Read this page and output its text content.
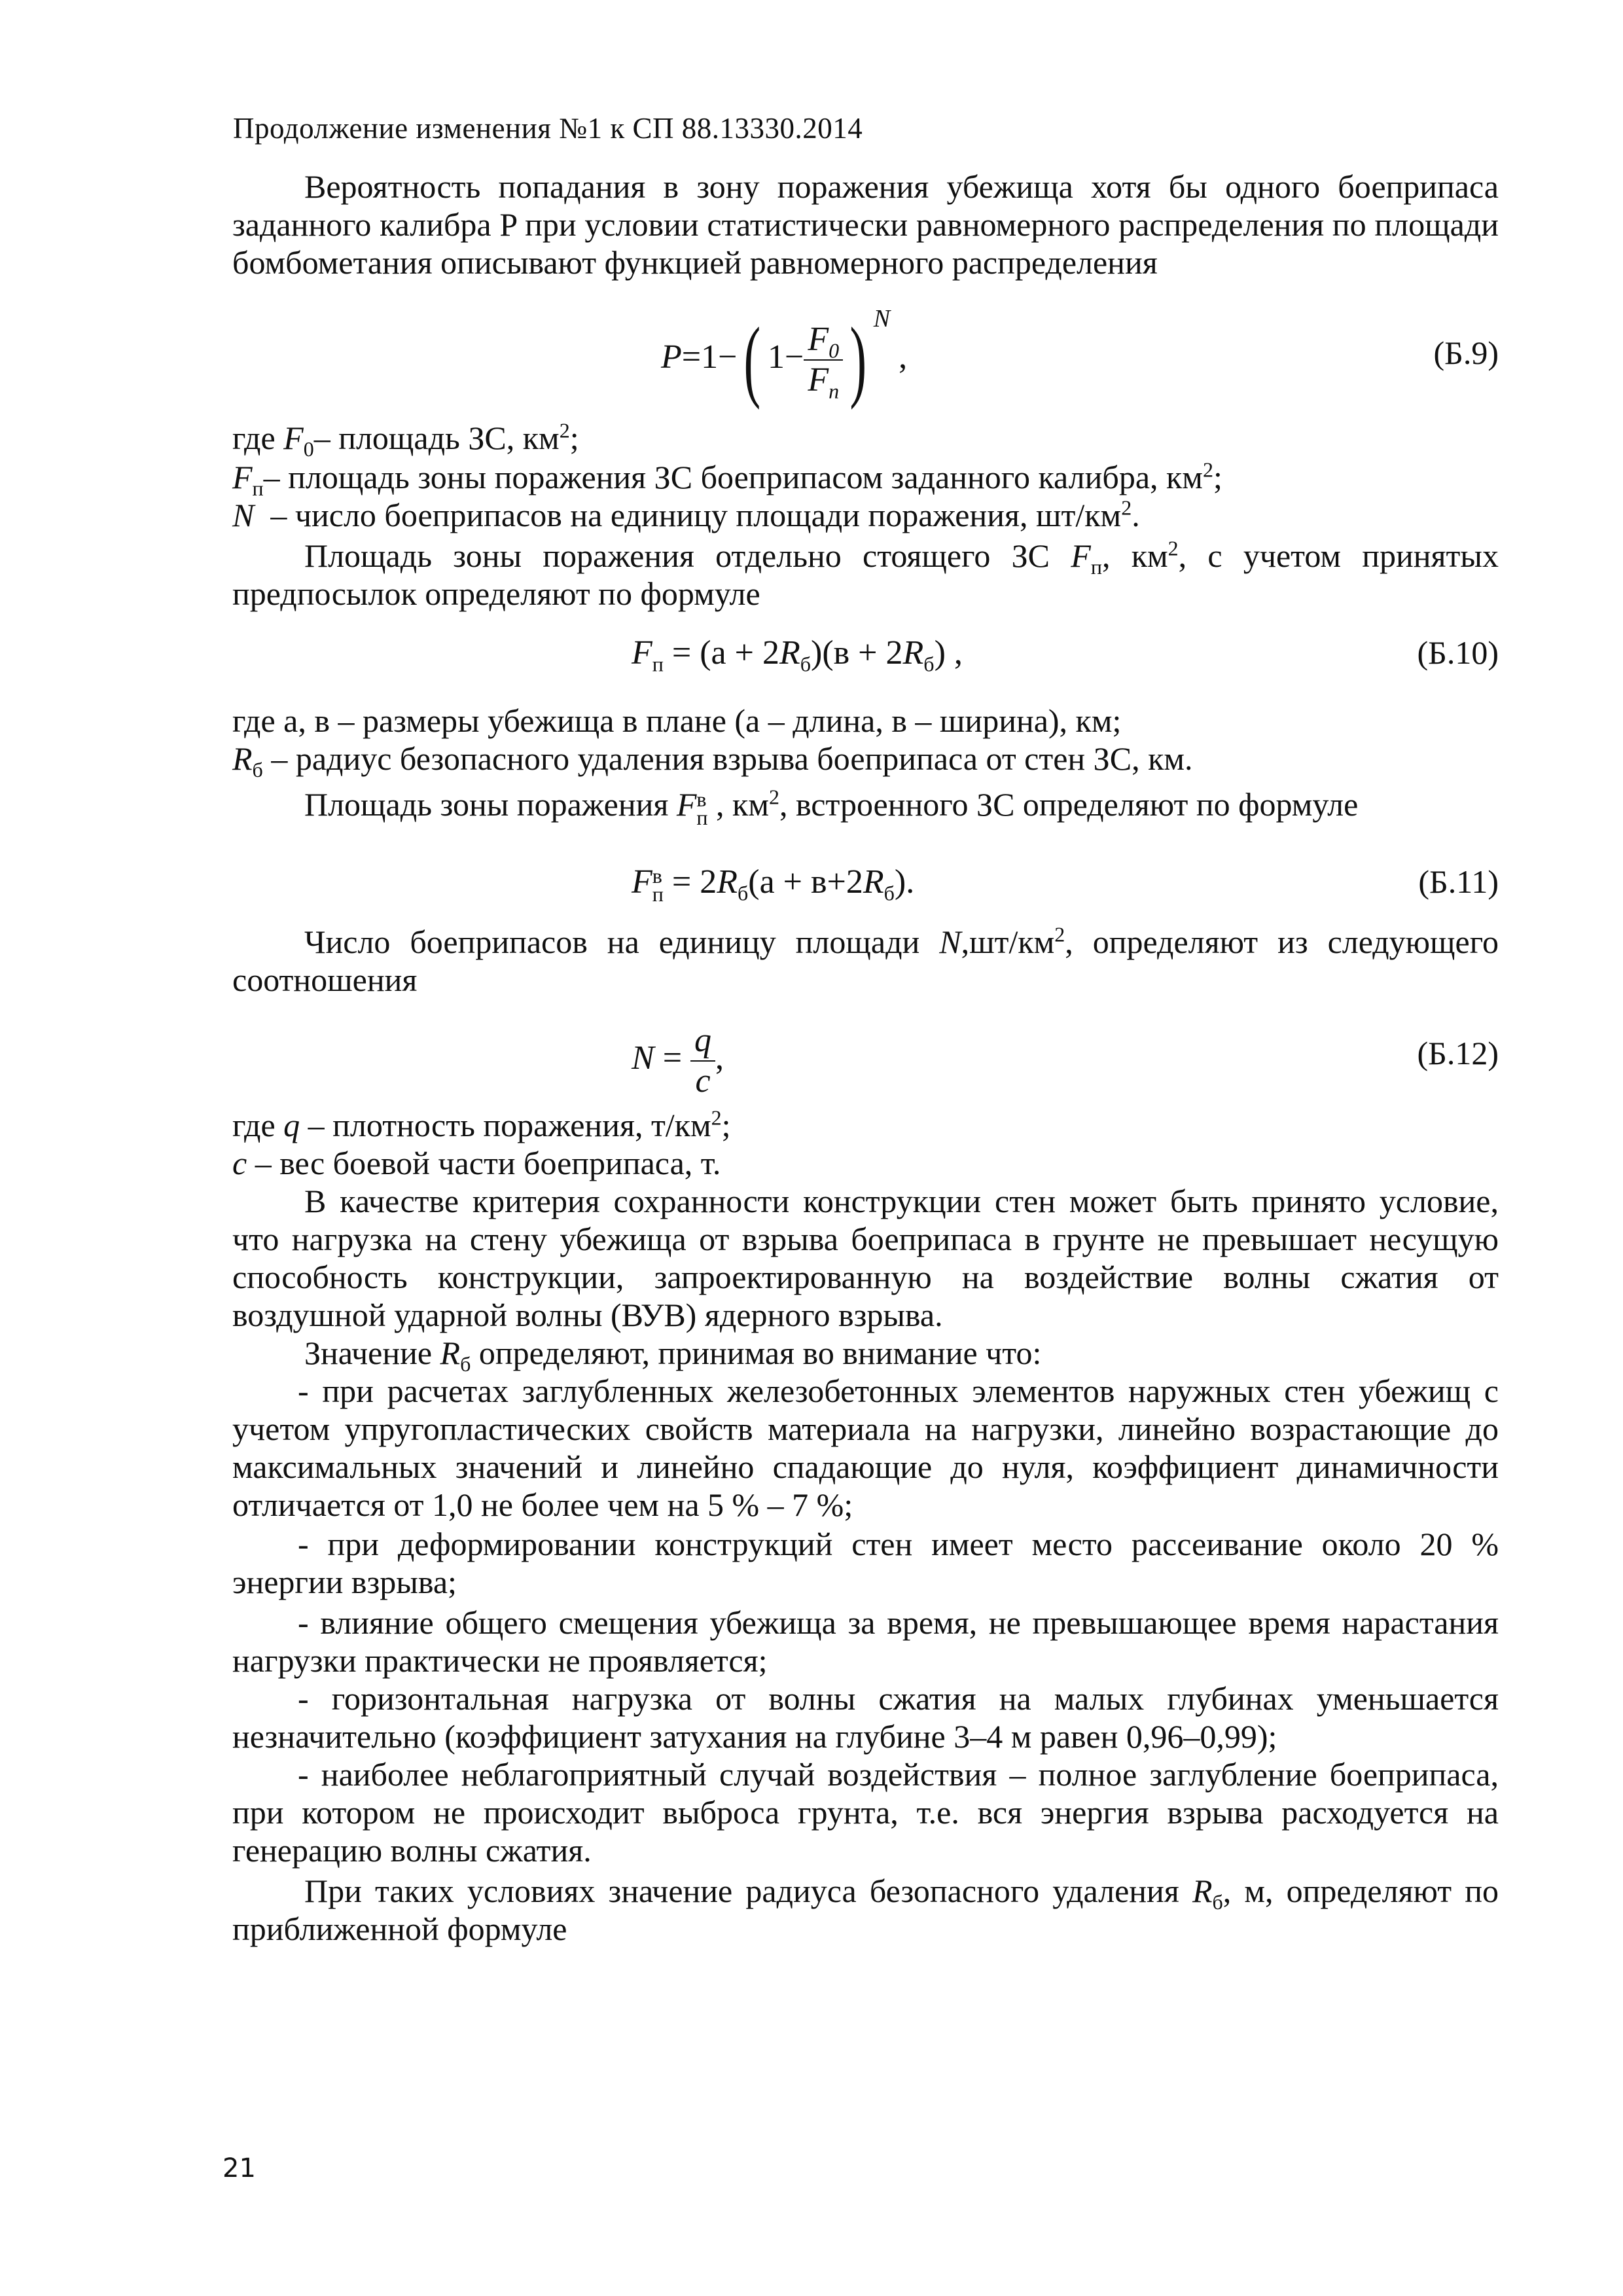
Продолжение изменения №1 к СП 88.13330.2014
Вероятность попадания в зону поражения убежища хотя бы одного боеприпаса заданного калибра P при условии статистически равномерного распределения по площади бомбометания описывают функцией равномерного распределения
P=1−( $1- \frac{F_0}{F_п}$ ) $^N$ ,	(Б.9)
где $F_0-$ площадь ЗС, $км^2$;
$F_п-$ площадь зоны поражения ЗС боеприпасом заданного калибра, $км^2$;
N  – число боеприпасов на единицу площади поражения, $шт/км^2$.
Площадь зоны поражения отдельно стоящего ЗС $F_п$, $км^2$, с учетом принятых предпосылок определяют по формуле
$F_п = (а + 2R_б)(в + 2R_б)$ ,	(Б.10)
где а, в – размеры убежища в плане (а – длина, в – ширина), км;
$R_б$ – радиус безопасного удаления взрыва боеприпаса от стен ЗС, км.
Площадь зоны поражения F в
п , $км^2$, встроенного ЗС определяют по формуле
F в
$п = 2R_б(а + в+2R_б)$.	(Б.11)
Число боеприпасов на единицу площади $N,шт/км^2$, определяют из следующего соотношения
$N = \frac{q}{c}$ ,	(Б.12)
где q – плотность поражения, $т/км^2$;
c – вес боевой части боеприпаса, т.
В качестве критерия сохранности конструкции стен может быть принято условие, что нагрузка на стену убежища от взрыва боеприпаса в грунте не превышает несущую способность конструкции, запроектированную на воздействие волны сжатия от воздушной ударной волны (ВУВ) ядерного взрыва.
Значение $R_б$ определяют, принимая во внимание что:
- при расчетах заглубленных железобетонных элементов наружных стен убежищ с учетом упругопластических свойств материала на нагрузки, линейно возрастающие до максимальных значений и линейно спадающие до нуля, коэффициент динамичности отличается от 1,0 не более чем на 5 % – 7 %;
- при деформировании конструкций стен имеет место рассеивание около 20 % энергии взрыва;
- влияние общего смещения убежища за время, не превышающее время нарастания нагрузки практически не проявляется;
- горизонтальная нагрузка от волны сжатия на малых глубинах уменьшается незначительно (коэффициент затухания на глубине 3–4 м равен 0,96–0,99);
- наиболее неблагоприятный случай воздействия – полное заглубление боеприпаса, при котором не происходит выброса грунта, т.е. вся энергия взрыва расходуется на генерацию волны сжатия.
При таких условиях значение радиуса безопасного удаления $R_б$, м, определяют по приближенной формуле
21
